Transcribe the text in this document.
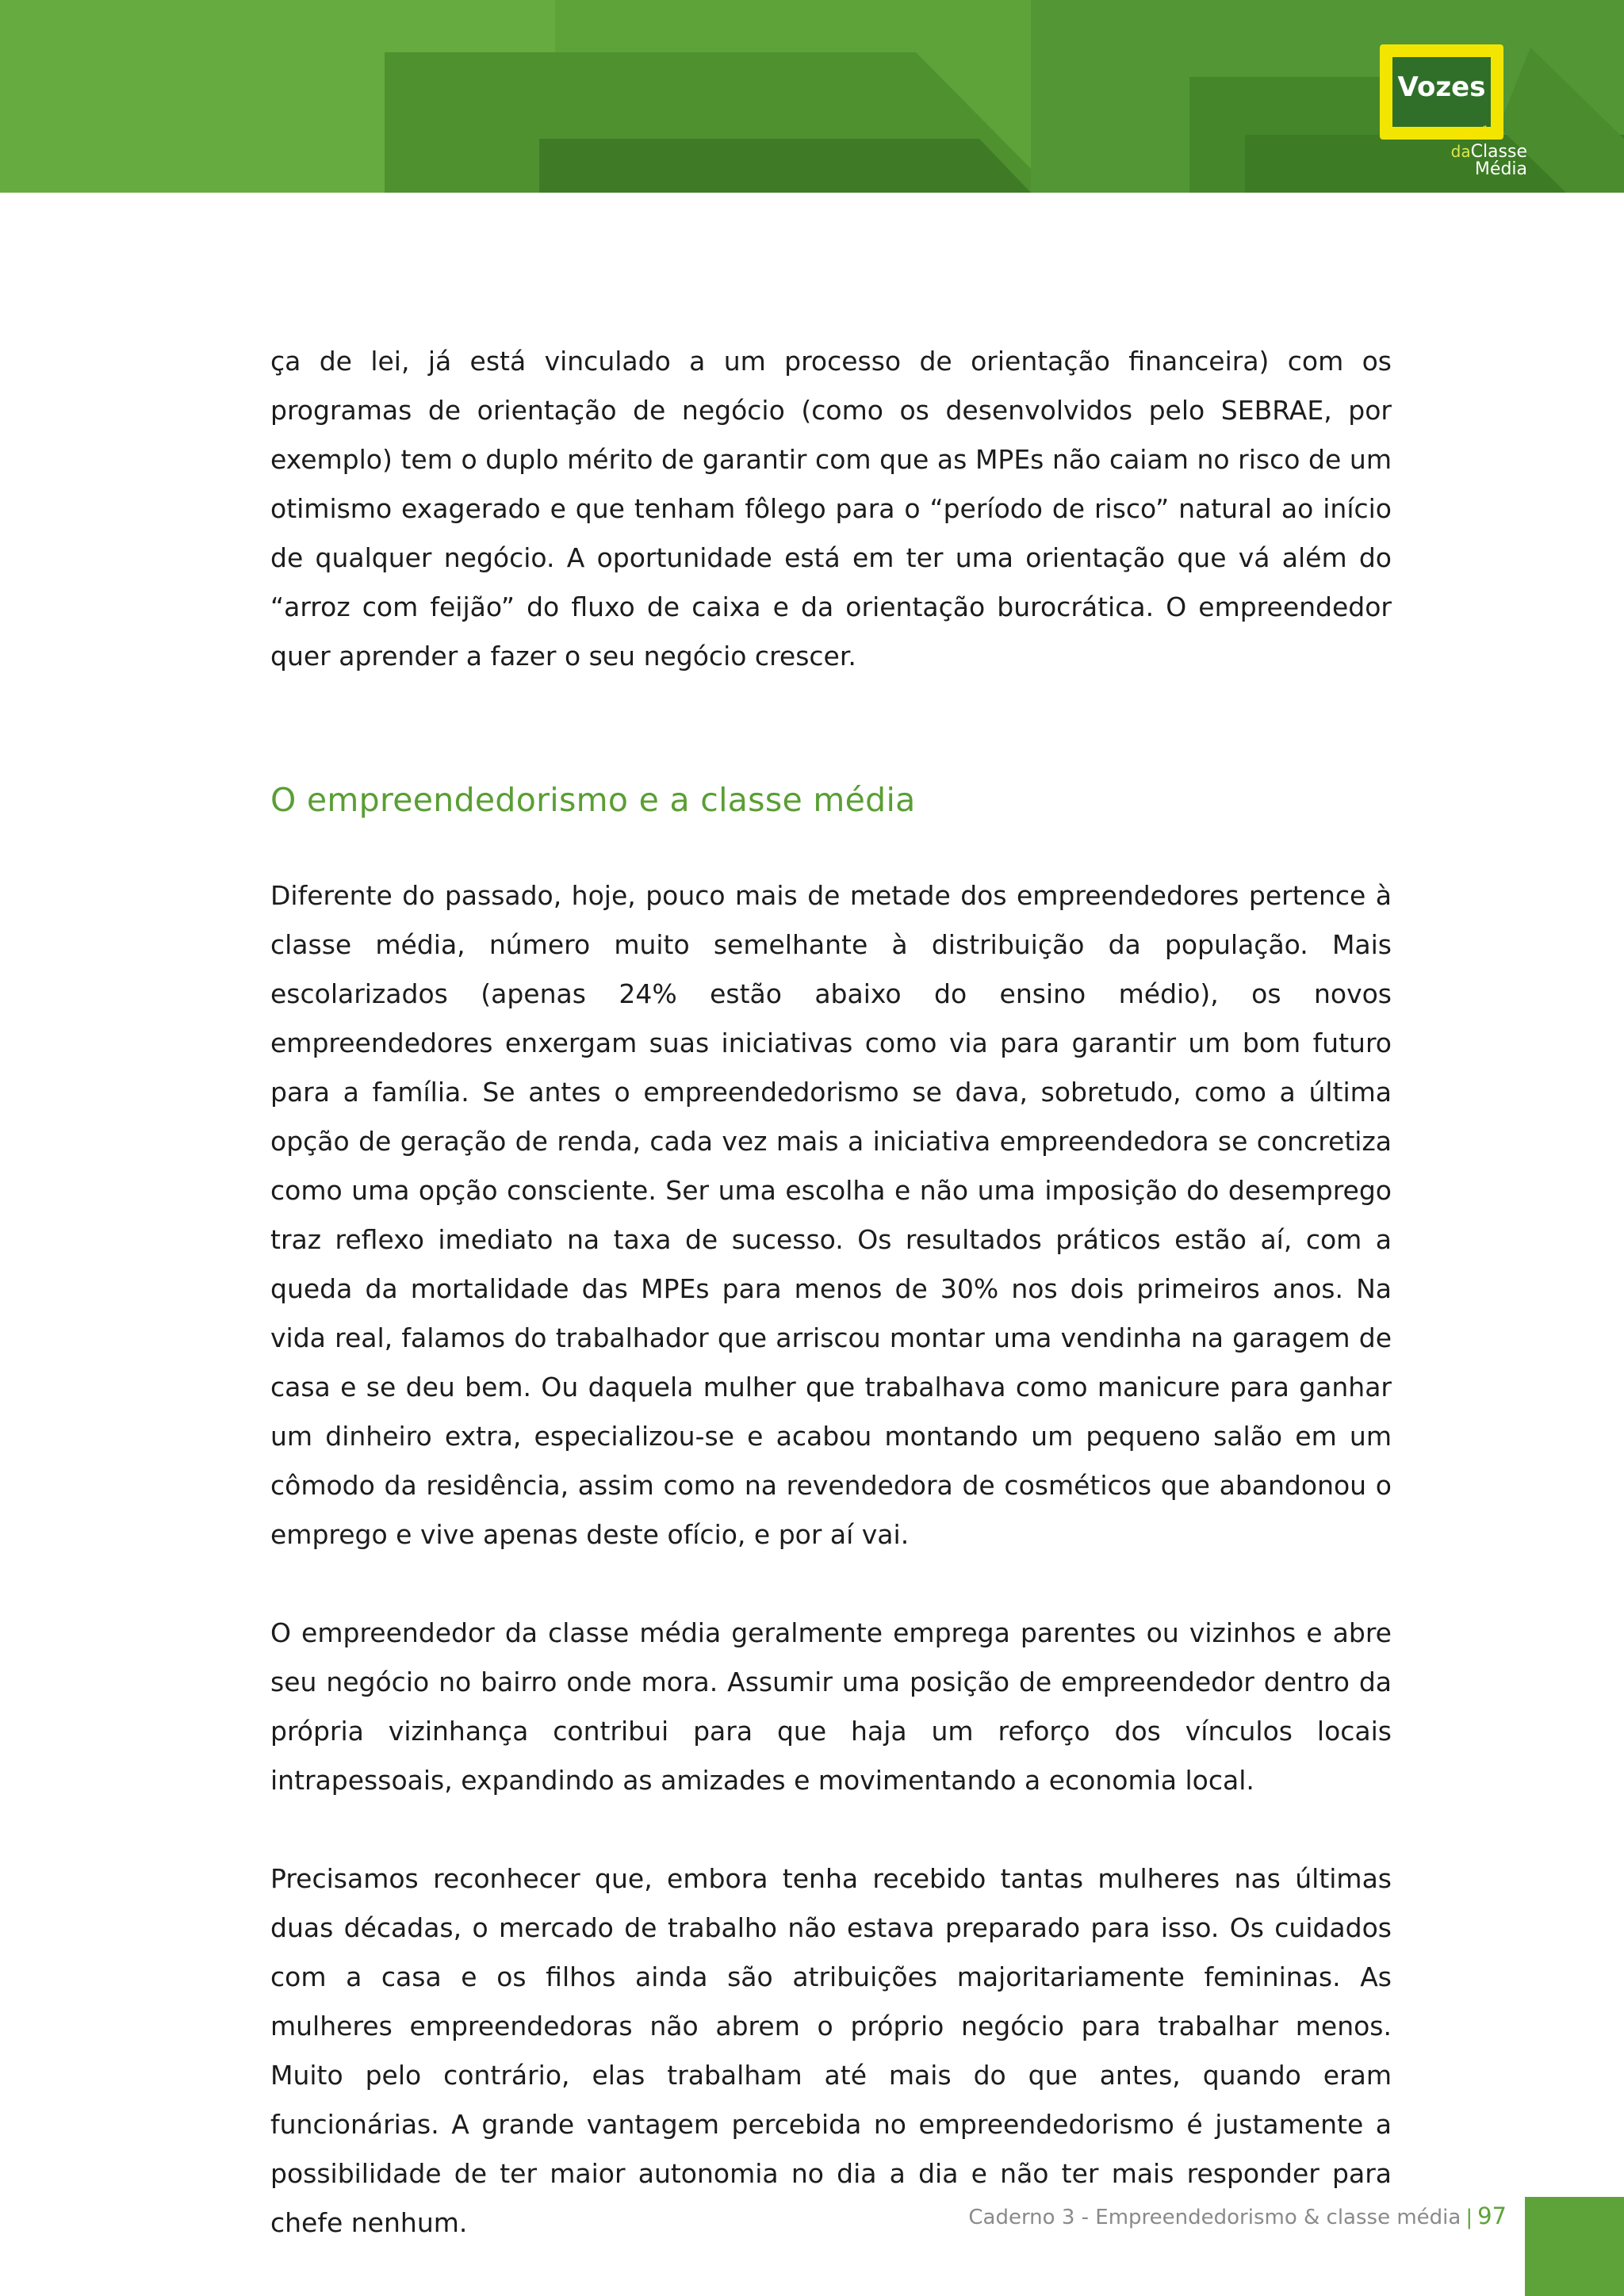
Vozes
nova
daClasse
Média

ça de lei, já está vinculado a um processo de orientação financeira) com os programas de orientação de negócio (como os desenvolvidos pelo SEBRAE, por exemplo) tem o duplo mérito de garantir com que as MPEs não caiam no risco de um otimismo exagerado e que tenham fôlego para o “período de risco” natural ao início de qualquer negócio. A oportunidade está em ter uma orientação que vá além do “arroz com feijão” do fluxo de caixa e da orientação burocrática. O empreendedor quer aprender a fazer o seu negócio crescer.

O empreendedorismo e a classe média

Diferente do passado, hoje, pouco mais de metade dos empreendedores pertence à classe média, número muito semelhante à distribuição da população. Mais escolarizados (apenas 24% estão abaixo do ensino médio), os novos empreendedores enxergam suas iniciativas como via para garantir um bom futuro para a família. Se antes o empreendedorismo se dava, sobretudo, como a última opção de geração de renda, cada vez mais a iniciativa empreendedora se concretiza como uma opção consciente. Ser uma escolha e não uma imposição do desemprego traz reflexo imediato na taxa de sucesso. Os resultados práticos estão aí, com a queda da mortalidade das MPEs para menos de 30% nos dois primeiros anos. Na vida real, falamos do trabalhador que arriscou montar uma vendinha na garagem de casa e se deu bem. Ou daquela mulher que trabalhava como manicure para ganhar um dinheiro extra, especializou-se e acabou montando um pequeno salão em um cômodo da residência, assim como na revendedora de cosméticos que abandonou o emprego e vive apenas deste ofício, e por aí vai.

O empreendedor da classe média geralmente emprega parentes ou vizinhos e abre seu negócio no bairro onde mora. Assumir uma posição de empreendedor dentro da própria vizinhança contribui para que haja um reforço dos vínculos locais intrapessoais, expandindo as amizades e movimentando a economia local.

Precisamos reconhecer que, embora tenha recebido tantas mulheres nas últimas duas décadas, o mercado de trabalho não estava preparado para isso. Os cuidados com a casa e os filhos ainda são atribuições majoritariamente femininas. As mulheres empreendedoras não abrem o próprio negócio para trabalhar menos. Muito pelo contrário, elas trabalham até mais do que antes, quando eram funcionárias. A grande vantagem percebida no empreendedorismo é justamente a possibilidade de ter maior autonomia no dia a dia e não ter mais responder para chefe nenhum.	Caderno 3 - Empreendedorismo & classe média | 97
